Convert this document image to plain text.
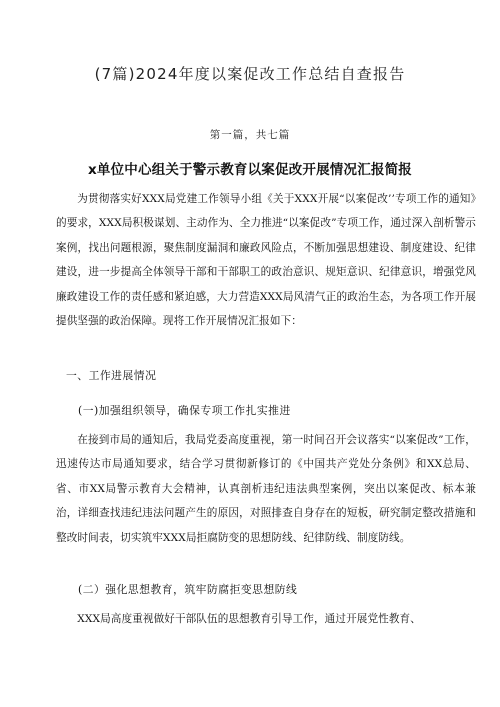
(7篇)2024年度以案促改工作总结自查报告
第一篇，共七篇
x单位中心组关于警示教育以案促改开展情况汇报简报
为贯彻落实好XXX局党建工作领导小组《关于XXX开展“以案促改’’专项工作的通知》的要求，XXX局积极谋划、主动作为、全力推进“以案促改”专项工作，通过深入剖析警示案例，找出问题根源，聚焦制度漏洞和廉政风险点，不断加强思想建设、制度建设、纪律建设，进一步提高全体领导干部和干部职工的政治意识、规矩意识、纪律意识，增强党风廉政建设工作的责任感和紧迫感，大力营造XXX局风清气正的政治生态，为各项工作开展提供坚强的政治保障。现将工作开展情况汇报如下：
一、工作进展情况
(一)加强组织领导，确保专项工作扎实推进
在接到市局的通知后，我局党委高度重视，第一时间召开会议落实“以案促改”工作，迅速传达市局通知要求，结合学习贯彻新修订的《中国共产党处分条例》和XX总局、省、市XX局警示教育大会精神，认真剖析违纪违法典型案例，突出以案促改、标本兼治，详细查找违纪违法问题产生的原因，对照排查自身存在的短板，研究制定整改措施和整改时间表，切实筑牢XXX局拒腐防变的思想防线、纪律防线、制度防线。
(二）强化思想教育，筑牢防腐拒变思想防线
XXX局高度重视做好干部队伍的思想教育引导工作，通过开展党性教育、
